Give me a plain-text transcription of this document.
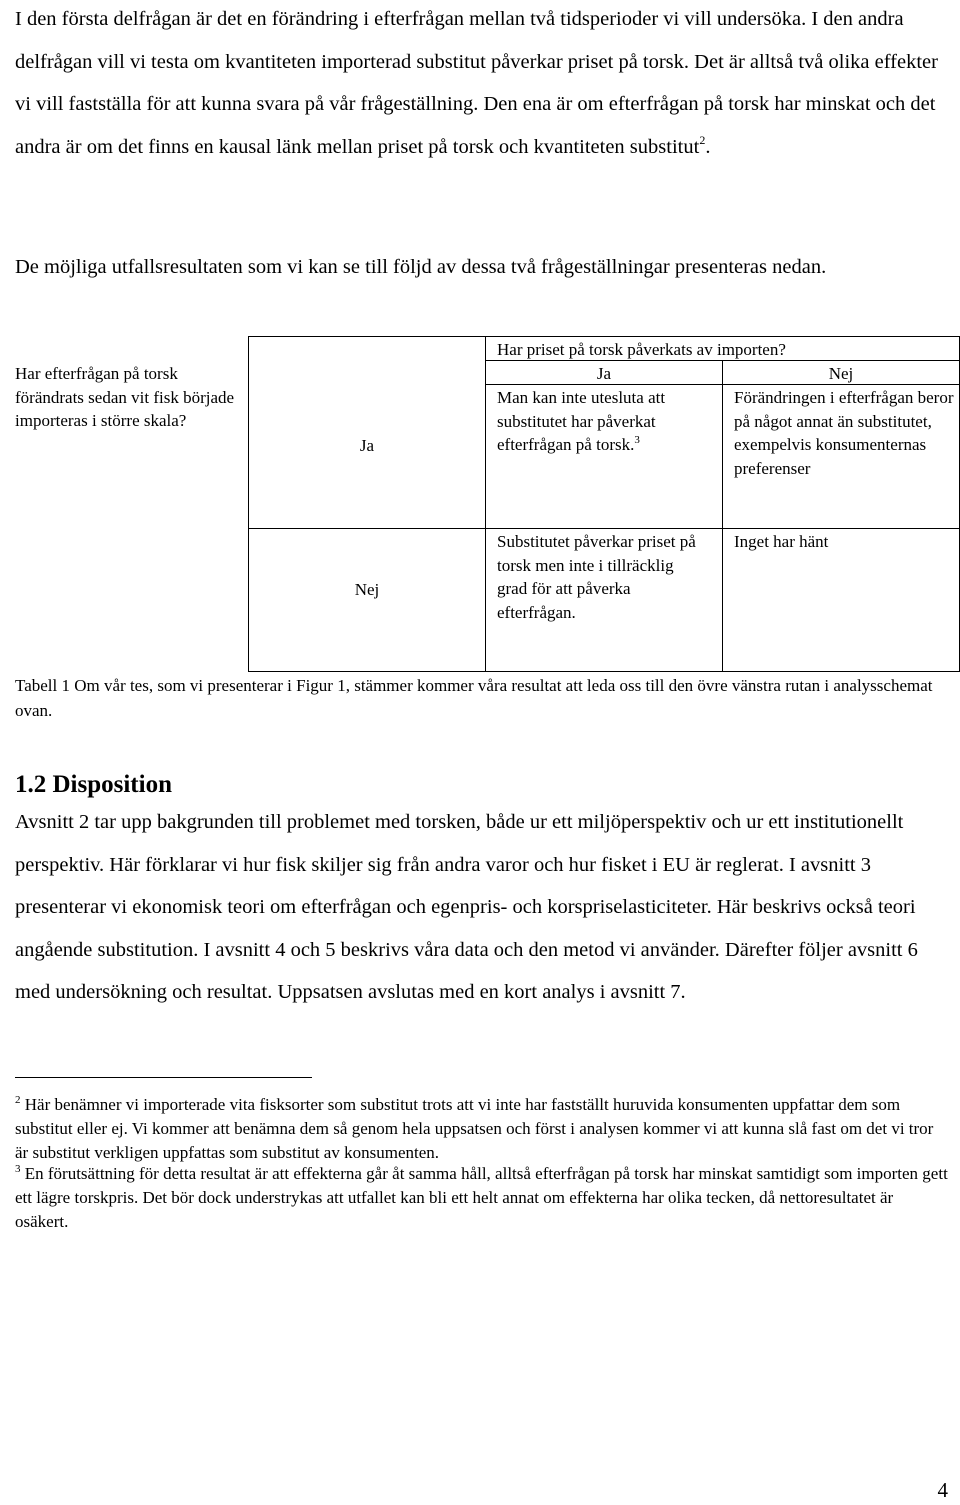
I den första delfrågan är det en förändring i efterfrågan mellan två tidsperioder vi vill undersöka. I den andra delfrågan vill vi testa om kvantiteten importerad substitut påverkar priset på torsk. Det är alltså två olika effekter vi vill fastställa för att kunna svara på vår frågeställning. Den ena är om efterfrågan på torsk har minskat och det andra är om det finns en kausal länk mellan priset på torsk och kvantiteten substitut$^2$.

De möjliga utfallsresultaten som vi kan se till följd av dessa två frågeställningar presenteras nedan.

Har efterfrågan på torsk förändrats sedan vit fisk började importeras i större skala?

Ja

Nej

Har priset på torsk påverkats av importen?

Ja	Nej

Man kan inte utesluta att substitutet har påverkat efterfrågan på torsk.$^3$

Förändringen i efterfrågan beror på något annat än substitutet, exempelvis konsumenternas preferenser

Substitutet påverkar priset på torsk men inte i tillräcklig grad för att påverka efterfrågan.

Inget har hänt

Tabell 1 Om vår tes, som vi presenterar i Figur 1, stämmer kommer våra resultat att leda oss till den övre vänstra rutan i analysschemat ovan.

1.2 Disposition

Avsnitt 2 tar upp bakgrunden till problemet med torsken, både ur ett miljöperspektiv och ur ett institutionellt perspektiv. Här förklarar vi hur fisk skiljer sig från andra varor och hur fisket i EU är reglerat. I avsnitt 3 presenterar vi ekonomisk teori om efterfrågan och egenpris- och korspriselasticiteter. Här beskrivs också teori angående substitution. I avsnitt 4 och 5 beskrivs våra data och den metod vi använder. Därefter följer avsnitt 6 med undersökning och resultat. Uppsatsen avslutas med en kort analys i avsnitt 7.

$^2$ Här benämner vi importerade vita fisksorter som substitut trots att vi inte har fastställt huruvida konsumenten uppfattar dem som substitut eller ej. Vi kommer att benämna dem så genom hela uppsatsen och först i analysen kommer vi att kunna slå fast om det vi tror är substitut verkligen uppfattas som substitut av konsumenten.

$^3$ En förutsättning för detta resultat är att effekterna går åt samma håll, alltså efterfrågan på torsk har minskat samtidigt som importen gett ett lägre torskpris. Det bör dock understrykas att utfallet kan bli ett helt annat om effekterna har olika tecken, då nettoresultatet är osäkert.

4
